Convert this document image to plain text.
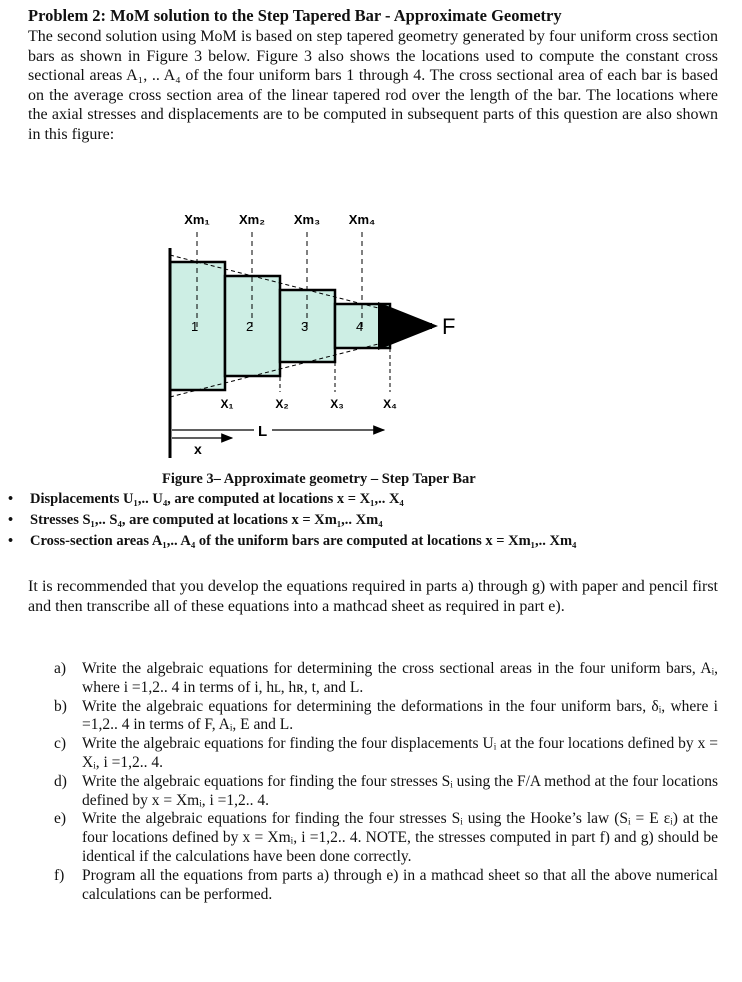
Problem 2: MoM solution to the Step Tapered Bar - Approximate Geometry
The second solution using MoM is based on step tapered geometry generated by four uniform cross section bars as shown in Figure 3 below. Figure 3 also shows the locations used to compute the constant cross sectional areas A₁, .. A₄ of the four uniform bars 1 through 4. The cross sectional area of each bar is based on the average cross section area of the linear tapered rod over the length of the bar. The locations where the axial stresses and displacements are to be computed in subsequent parts of this question are also shown in this figure:
Xm₁ Xm₂ Xm₃ Xm₄
1	2	3	4
X₁	X₂	X₃	X₄
F
x
L
Figure 3– Approximate geometry – Step Taper Bar
• Displacements U₁,.. U₄, are computed at locations x = X₁,.. X₄
• Stresses S₁,.. S₄, are computed at locations x = Xm₁,.. Xm₄
• Cross-section areas A₁,.. A₄ of the uniform bars are computed at locations x = Xm₁,.. Xm₄
It is recommended that you develop the equations required in parts a) through g) with paper and pencil first and then transcribe all of these equations into a mathcad sheet as required in part e).
a) Write the algebraic equations for determining the cross sectional areas in the four uniform bars, Aᵢ, where i =1,2.. 4 in terms of i, hʟ, hʀ, t, and L.
b) Write the algebraic equations for determining the deformations in the four uniform bars, δᵢ, where i =1,2.. 4 in terms of F, Aᵢ, E and L.
c) Write the algebraic equations for finding the four displacements Uᵢ at the four locations defined by x = Xᵢ, i =1,2.. 4.
d) Write the algebraic equations for finding the four stresses Sᵢ using the F/A method at the four locations defined by x = Xmᵢ, i =1,2.. 4.
e) Write the algebraic equations for finding the four stresses Sᵢ using the Hooke’s law (Sᵢ = E εᵢ) at the four locations defined by x = Xmᵢ, i =1,2.. 4. NOTE, the stresses computed in part f) and g) should be identical if the calculations have been done correctly.
f) Program all the equations from parts a) through e) in a mathcad sheet so that all the above numerical calculations can be performed.
